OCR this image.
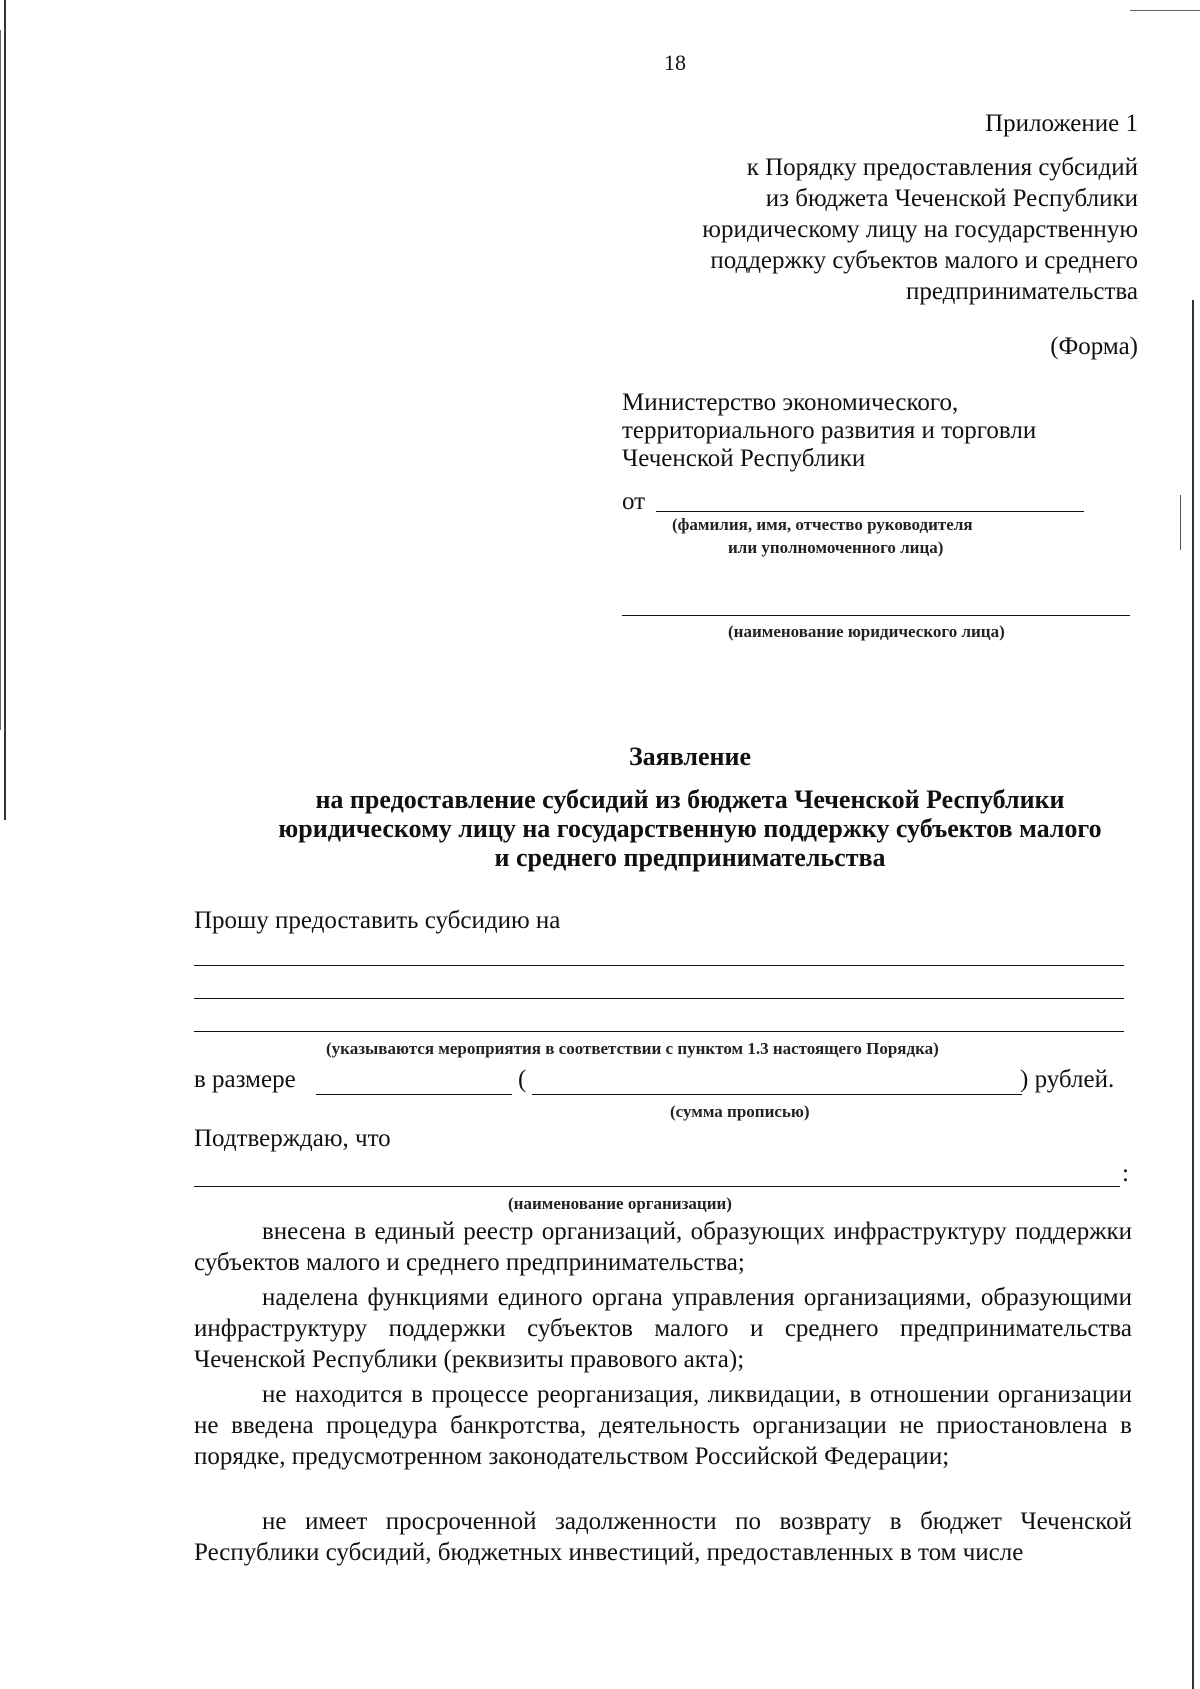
18
Приложение 1
к Порядку предоставления субсидий
из бюджета Чеченской Республики
юридическому лицу на государственную
поддержку субъектов малого и среднего
предпринимательства
(Форма)
Министерство экономического,
территориального развития и торговли
Чеченской Республики
от
(фамилия, имя, отчество руководителя
или уполномоченного лица)
(наименование юридического лица)
Заявление
на предоставление субсидий из бюджета Чеченской Республики
юридическому лицу на государственную поддержку субъектов малого
и среднего предпринимательства
Прошу предоставить субсидию на
(указываются мероприятия в соответствии с пунктом 1.3 настоящего Порядка)
в размере	(	) рублей.
(сумма прописью)
Подтверждаю, что
:
(наименование организации)
внесена в единый реестр организаций, образующих инфраструктуру поддержки субъектов малого и среднего предпринимательства;
наделена функциями единого органа управления организациями, образующими инфраструктуру поддержки субъектов малого и среднего предпринимательства Чеченской Республики (реквизиты правового акта);
не находится в процессе реорганизация, ликвидации, в отношении организации не введена процедура банкротства, деятельность организации не приостановлена в порядке, предусмотренном законодательством Российской Федерации;
не имеет просроченной задолженности по возврату в бюджет Чеченской Республики субсидий, бюджетных инвестиций, предоставленных в том числе
